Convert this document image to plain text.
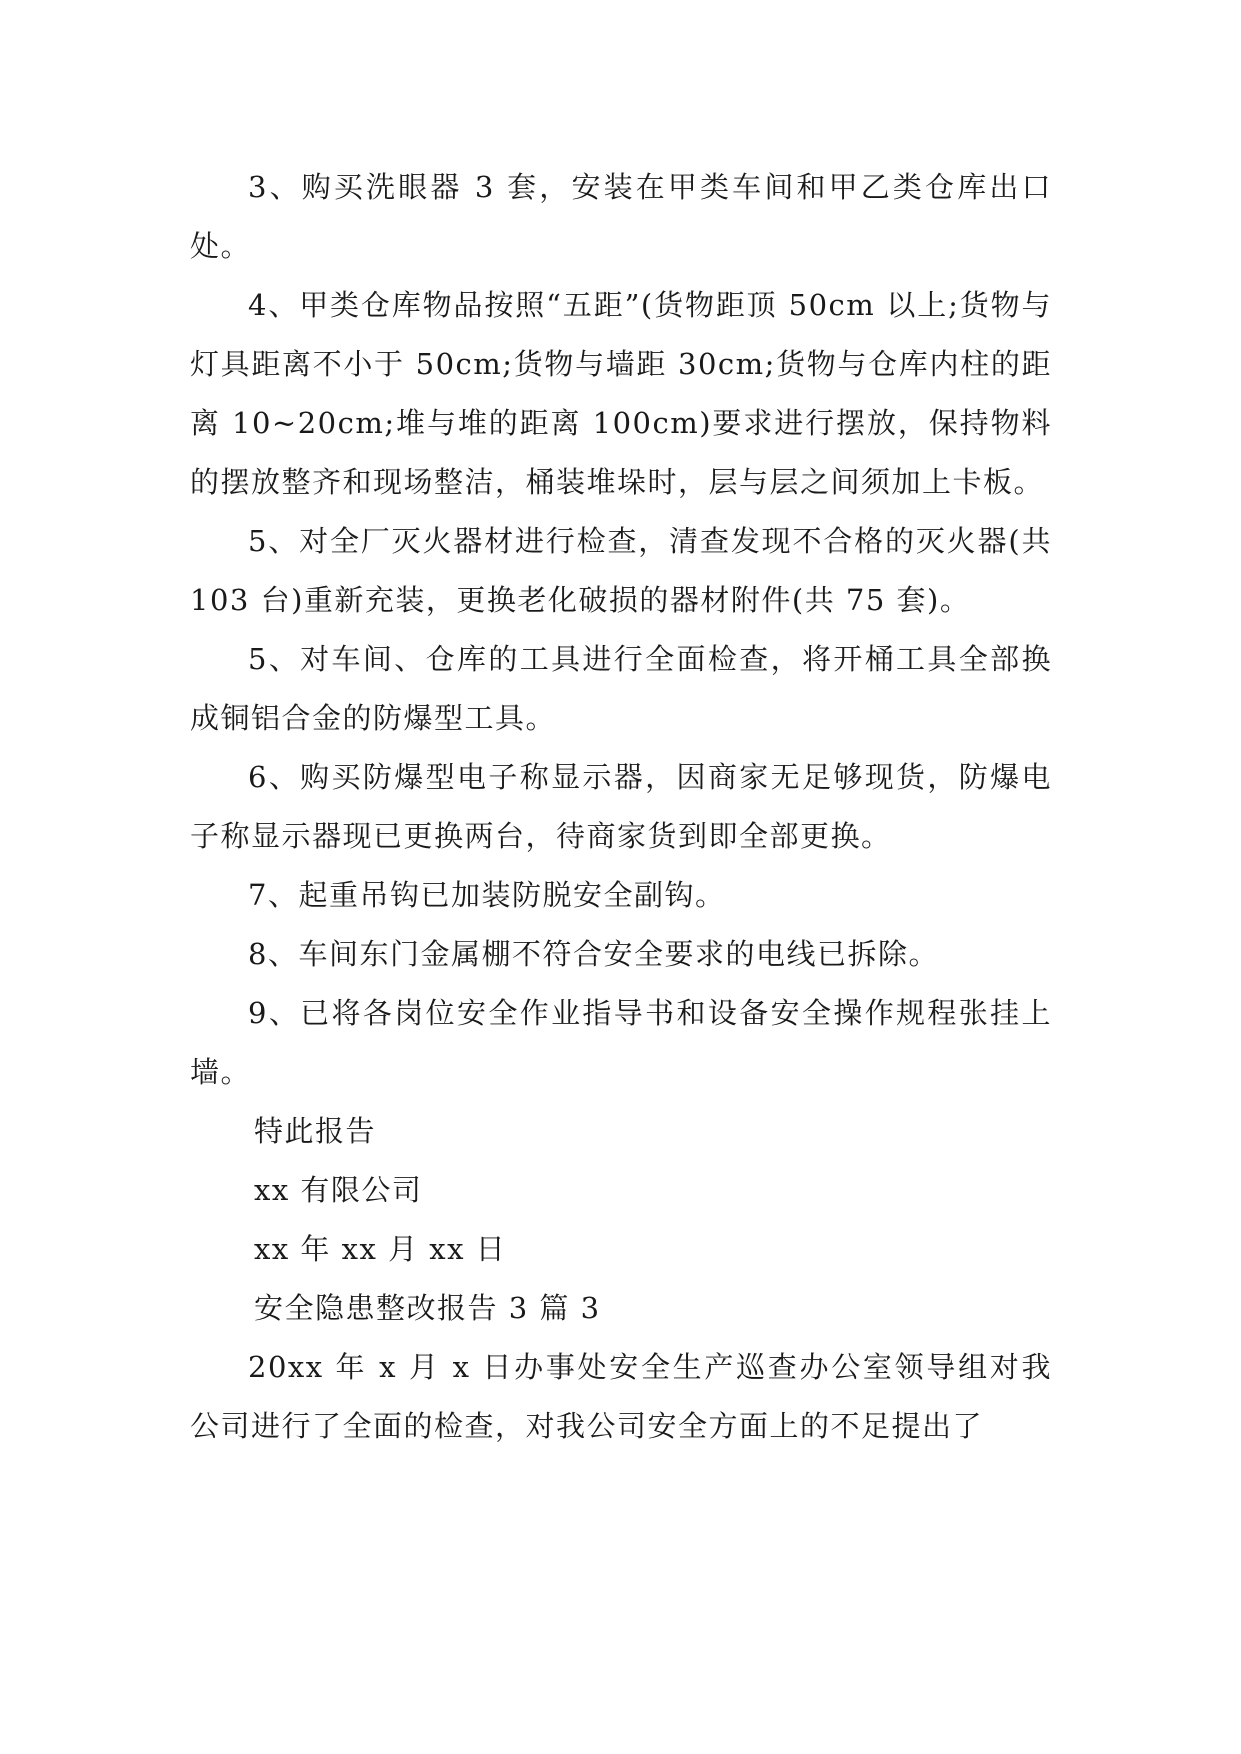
3、购买洗眼器 3 套，安装在甲类车间和甲乙类仓库出口处。

4、甲类仓库物品按照“五距”(货物距顶 50cm 以上;货物与灯具距离不小于 50cm;货物与墙距 30cm;货物与仓库内柱的距离 10~20cm;堆与堆的距离 100cm)要求进行摆放，保持物料的摆放整齐和现场整洁，桶装堆垛时，层与层之间须加上卡板。

5、对全厂灭火器材进行检查，清查发现不合格的灭火器(共 103 台)重新充装，更换老化破损的器材附件(共 75 套)。

5、对车间、仓库的工具进行全面检查，将开桶工具全部换成铜铝合金的防爆型工具。

6、购买防爆型电子称显示器，因商家无足够现货，防爆电子称显示器现已更换两台，待商家货到即全部更换。

7、起重吊钩已加装防脱安全副钩。

8、车间东门金属棚不符合安全要求的电线已拆除。

9、已将各岗位安全作业指导书和设备安全操作规程张挂上墙。

特此报告

xx 有限公司

xx 年 xx 月 xx 日

安全隐患整改报告 3 篇 3

20xx 年 x 月 x 日办事处安全生产巡查办公室领导组对我公司进行了全面的检查，对我公司安全方面上的不足提出了
